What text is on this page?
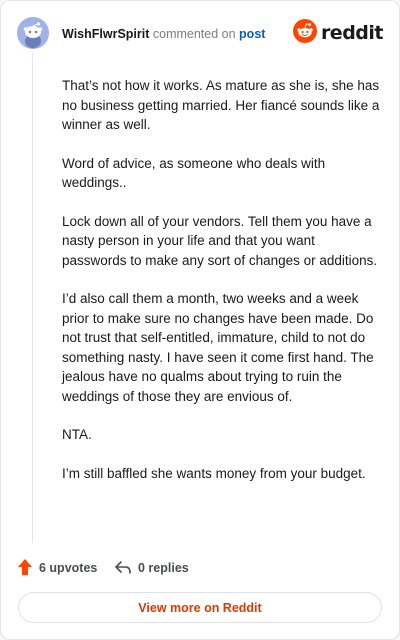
WishFlwrSpirit commented on post	reddit

That’s not how it works. As mature as she is, she has no business getting married. Her fiancé sounds like a winner as well.

Word of advice, as someone who deals with weddings..

Lock down all of your vendors. Tell them you have a nasty person in your life and that you want passwords to make any sort of changes or additions.

I’d also call them a month, two weeks and a week prior to make sure no changes have been made. Do not trust that self-entitled, immature, child to not do something nasty. I have seen it come first hand. The jealous have no qualms about trying to ruin the weddings of those they are envious of.

NTA.

I’m still baffled she wants money from your budget.

6 upvotes	0 replies
View more on Reddit
